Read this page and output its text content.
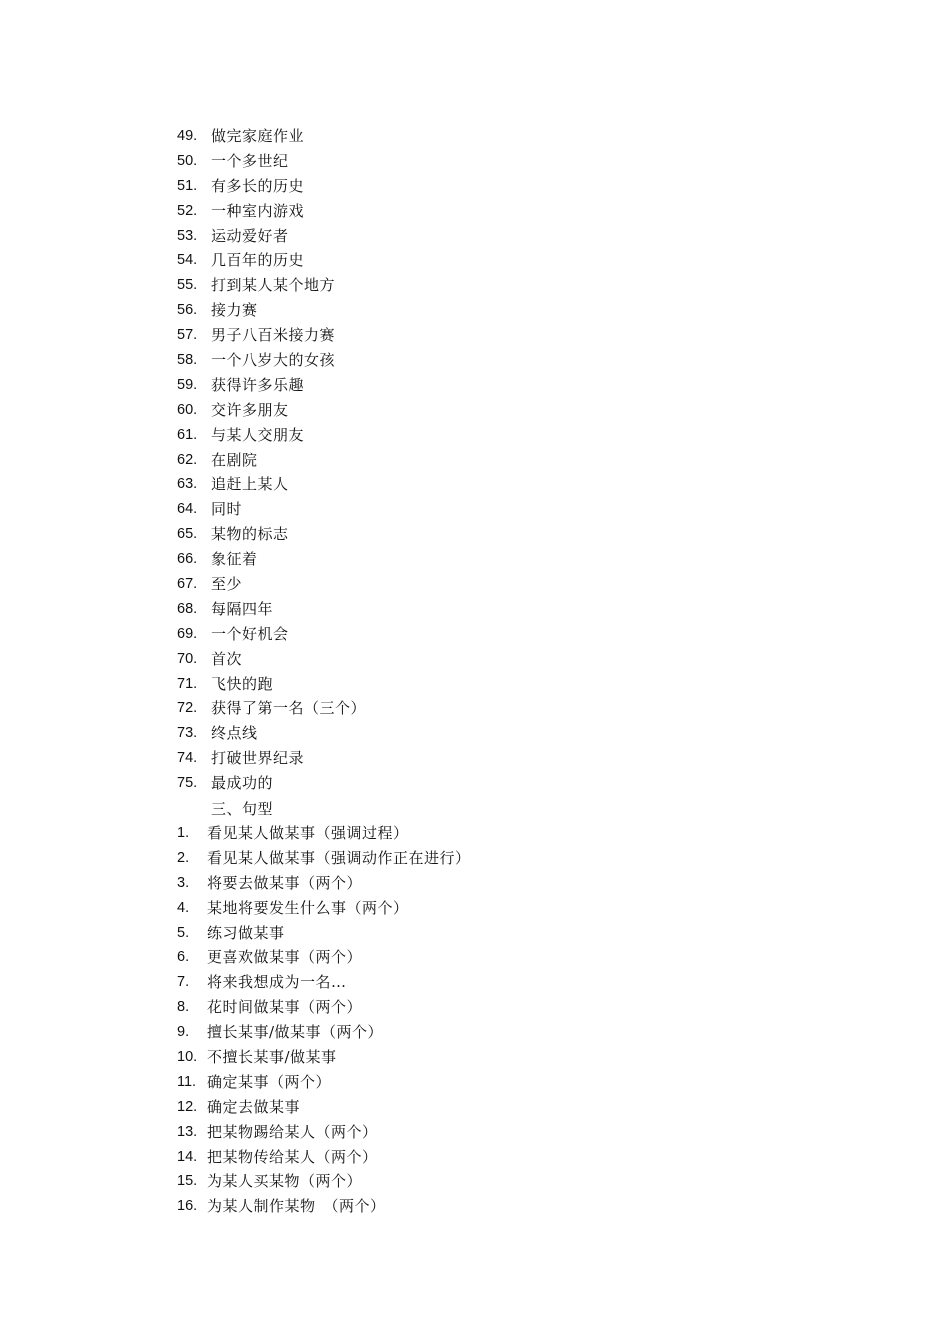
49. 做完家庭作业
50. 一个多世纪
51. 有多长的历史
52. 一种室内游戏
53. 运动爱好者
54. 几百年的历史
55. 打到某人某个地方
56. 接力赛
57. 男子八百米接力赛
58. 一个八岁大的女孩
59. 获得许多乐趣
60. 交许多朋友
61. 与某人交朋友
62. 在剧院
63. 追赶上某人
64. 同时
65. 某物的标志
66. 象征着
67. 至少
68. 每隔四年
69. 一个好机会
70. 首次
71. 飞快的跑
72. 获得了第一名（三个）
73. 终点线
74. 打破世界纪录
75. 最成功的
三、句型
1. 看见某人做某事（强调过程）
2. 看见某人做某事（强调动作正在进行）
3. 将要去做某事（两个）
4. 某地将要发生什么事（两个）
5. 练习做某事
6. 更喜欢做某事（两个）
7. 将来我想成为一名…
8. 花时间做某事（两个）
9. 擅长某事/做某事（两个）
10. 不擅长某事/做某事
11. 确定某事（两个）
12. 确定去做某事
13. 把某物踢给某人（两个）
14. 把某物传给某人（两个）
15. 为某人买某物（两个）
16. 为某人制作某物　（两个）
